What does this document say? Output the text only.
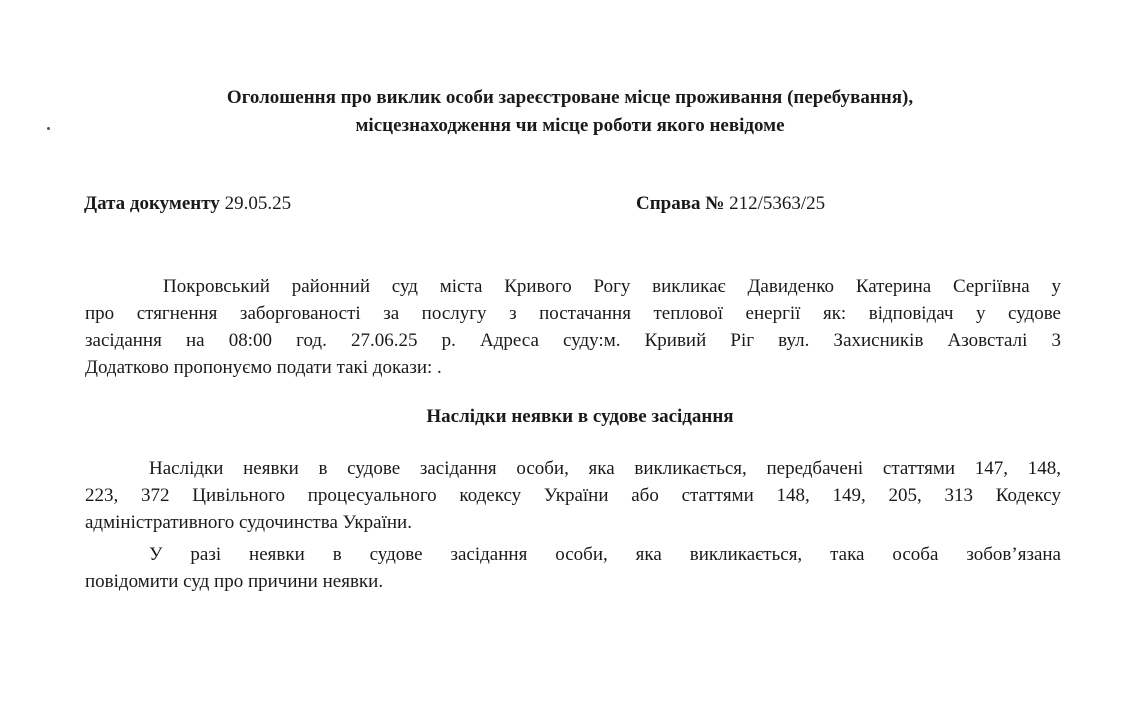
Оголошення про виклик особи зареєстроване місце проживання (перебування),
місцезнаходження чи місце роботи якого невідоме
Дата документу 29.05.25	Справа № 212/5363/25
Покровський районний суд міста Кривого Рогу викликає Давиденко Катерина Сергіївна у
про стягнення заборгованості за послугу з постачання теплової енергії як: відповідач у судове
засідання на 08:00 год. 27.06.25 р. Адреса суду:м. Кривий Ріг вул. Захисників Азовсталі 3
Додатково пропонуємо подати такі докази: .
Наслідки неявки в судове засідання
Наслідки неявки в судове засідання особи, яка викликається, передбачені статтями 147, 148,
223, 372 Цивільного процесуального кодексу України або статтями 148, 149, 205, 313 Кодексу
адміністративного судочинства України.
У разі неявки в судове засідання особи, яка викликається, така особа зобов’язана
повідомити суд про причини неявки.
